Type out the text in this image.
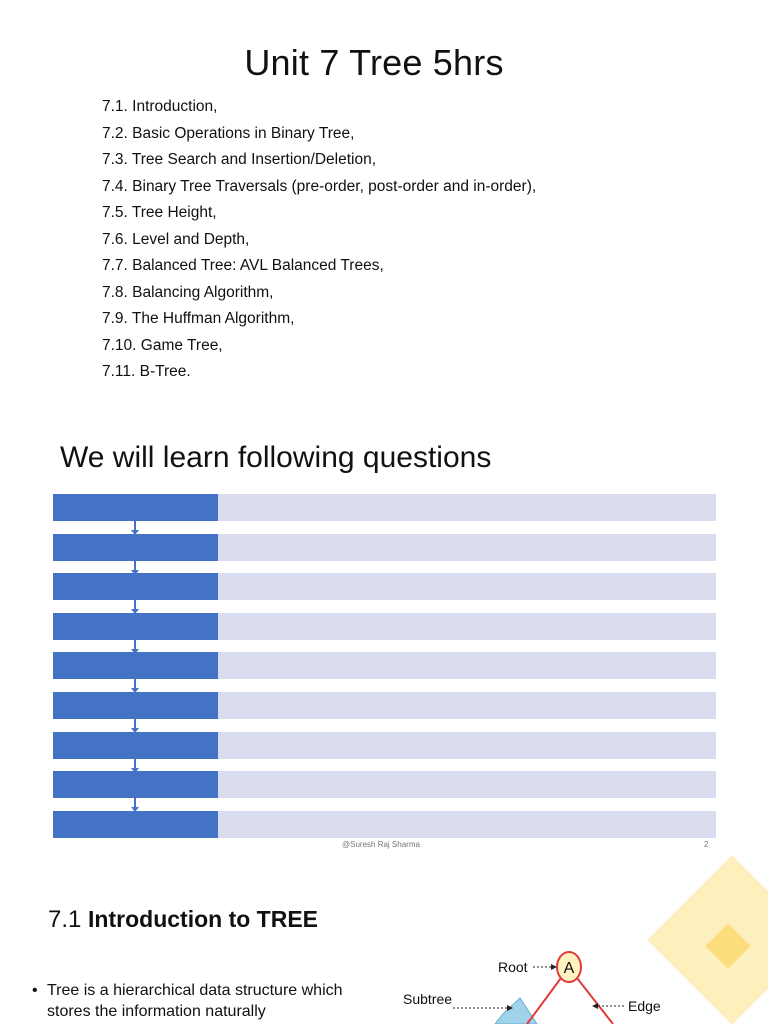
Unit 7 Tree 5hrs
7.1. Introduction,
7.2. Basic Operations in Binary Tree,
7.3. Tree Search and Insertion/Deletion,
7.4. Binary Tree Traversals (pre-order, post-order and in-order),
7.5. Tree Height,
7.6. Level and Depth,
7.7. Balanced Tree: AVL Balanced Trees,
7.8. Balancing Algorithm,
7.9. The Huffman Algorithm,
7.10. Game Tree,
7.11. B-Tree.
We will learn following questions
@Suresh Raj Sharma	2
7.1 Introduction to TREE
• Tree is a hierarchical data structure which stores the information naturally
A
Root
Subtree	Edge
